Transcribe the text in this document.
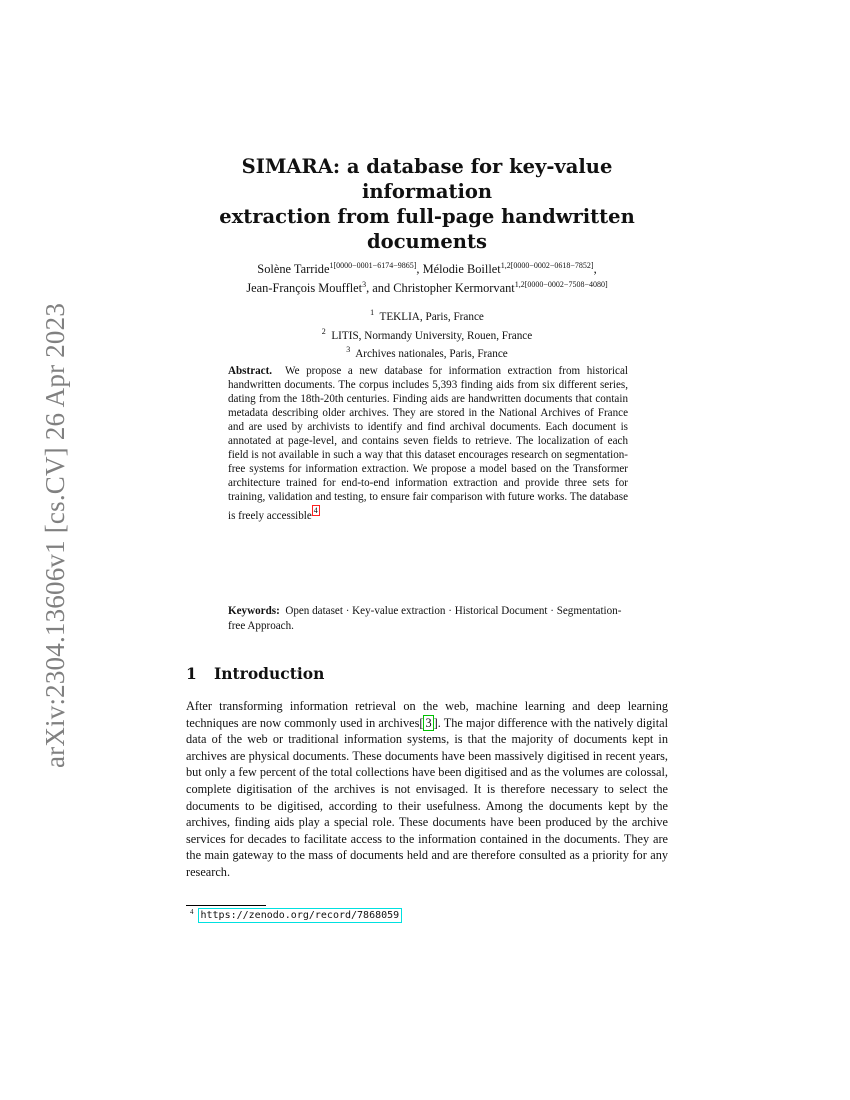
arXiv:2304.13606v1 [cs.CV] 26 Apr 2023
SIMARA: a database for key-value information
extraction from full-page handwritten
documents
Solène Tarride$^{1[0000-0001-6174-9865]}$, Mélodie Boillet$^{1,2[0000-0002-0618-7852]}$,
Jean-François Moufflet$^3$, and Christopher Kermorvant$^{1,2[0000-0002-7508-4080]}$
$^1$ TEKLIA, Paris, France
$^2$ LITIS, Normandy University, Rouen, France
$^3$ Archives nationales, Paris, France
Abstract. We propose a new database for information extraction from historical handwritten documents. The corpus includes 5,393 finding aids from six different series, dating from the 18th-20th centuries. Finding aids are handwritten documents that contain metadata describing older archives. They are stored in the National Archives of France and are used by archivists to identify and find archival documents. Each document is annotated at page-level, and contains seven fields to retrieve. The localization of each field is not available in such a way that this dataset encourages research on segmentation-free systems for information extraction. We propose a model based on the Transformer architecture trained for end-to-end information extraction and provide three sets for training, validation and testing, to ensure fair comparison with future works. The database is freely accessible $^4$
Keywords: Open dataset · Key-value extraction · Historical Document · Segmentation-free Approach.
1 Introduction
After transforming information retrieval on the web, machine learning and deep learning techniques are now commonly used in archives[ 3 ]. The major difference with the natively digital data of the web or traditional information systems, is that the majority of documents kept in archives are physical documents. These documents have been massively digitised in recent years, but only a few percent of the total collections have been digitised and as the volumes are colossal, complete digitisation of the archives is not envisaged. It is therefore necessary to select the documents to be digitised, according to their usefulness. Among the documents kept by the archives, finding aids play a special role. These documents have been produced by the archive services for decades to facilitate access to the information contained in the documents. They are the main gateway to the mass of documents held and are therefore consulted as a priority for any research.
$^4$ https://zenodo.org/record/7868059
